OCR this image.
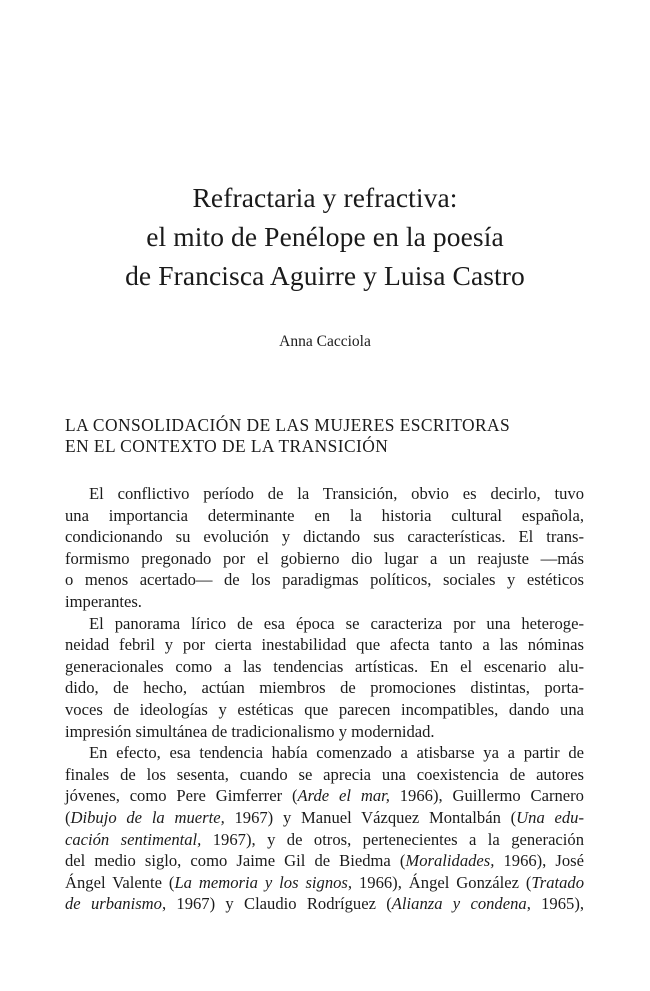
Refractaria y refractiva:
el mito de Penélope en la poesía
de Francisca Aguirre y Luisa Castro
Anna Cacciola
LA CONSOLIDACIÓN DE LAS MUJERES ESCRITORAS
EN EL CONTEXTO DE LA TRANSICIÓN
El conflictivo período de la Transición, obvio es decirlo, tuvo
una importancia determinante en la historia cultural española,
condicionando su evolución y dictando sus características. El trans-
formismo pregonado por el gobierno dio lugar a un reajuste —más
o menos acertado— de los paradigmas políticos, sociales y estéticos
imperantes.
El panorama lírico de esa época se caracteriza por una heteroge-
neidad febril y por cierta inestabilidad que afecta tanto a las nóminas
generacionales como a las tendencias artísticas. En el escenario alu-
dido, de hecho, actúan miembros de promociones distintas, porta-
voces de ideologías y estéticas que parecen incompatibles, dando una
impresión simultánea de tradicionalismo y modernidad.
En efecto, esa tendencia había comenzado a atisbarse ya a partir de
finales de los sesenta, cuando se aprecia una coexistencia de autores
jóvenes, como Pere Gimferrer (Arde el mar, 1966), Guillermo Carnero
(Dibujo de la muerte, 1967) y Manuel Vázquez Montalbán (Una edu-
cación sentimental, 1967), y de otros, pertenecientes a la generación
del medio siglo, como Jaime Gil de Biedma (Moralidades, 1966), José
Ángel Valente (La memoria y los signos, 1966), Ángel González (Tratado
de urbanismo, 1967) y Claudio Rodríguez (Alianza y condena, 1965),
